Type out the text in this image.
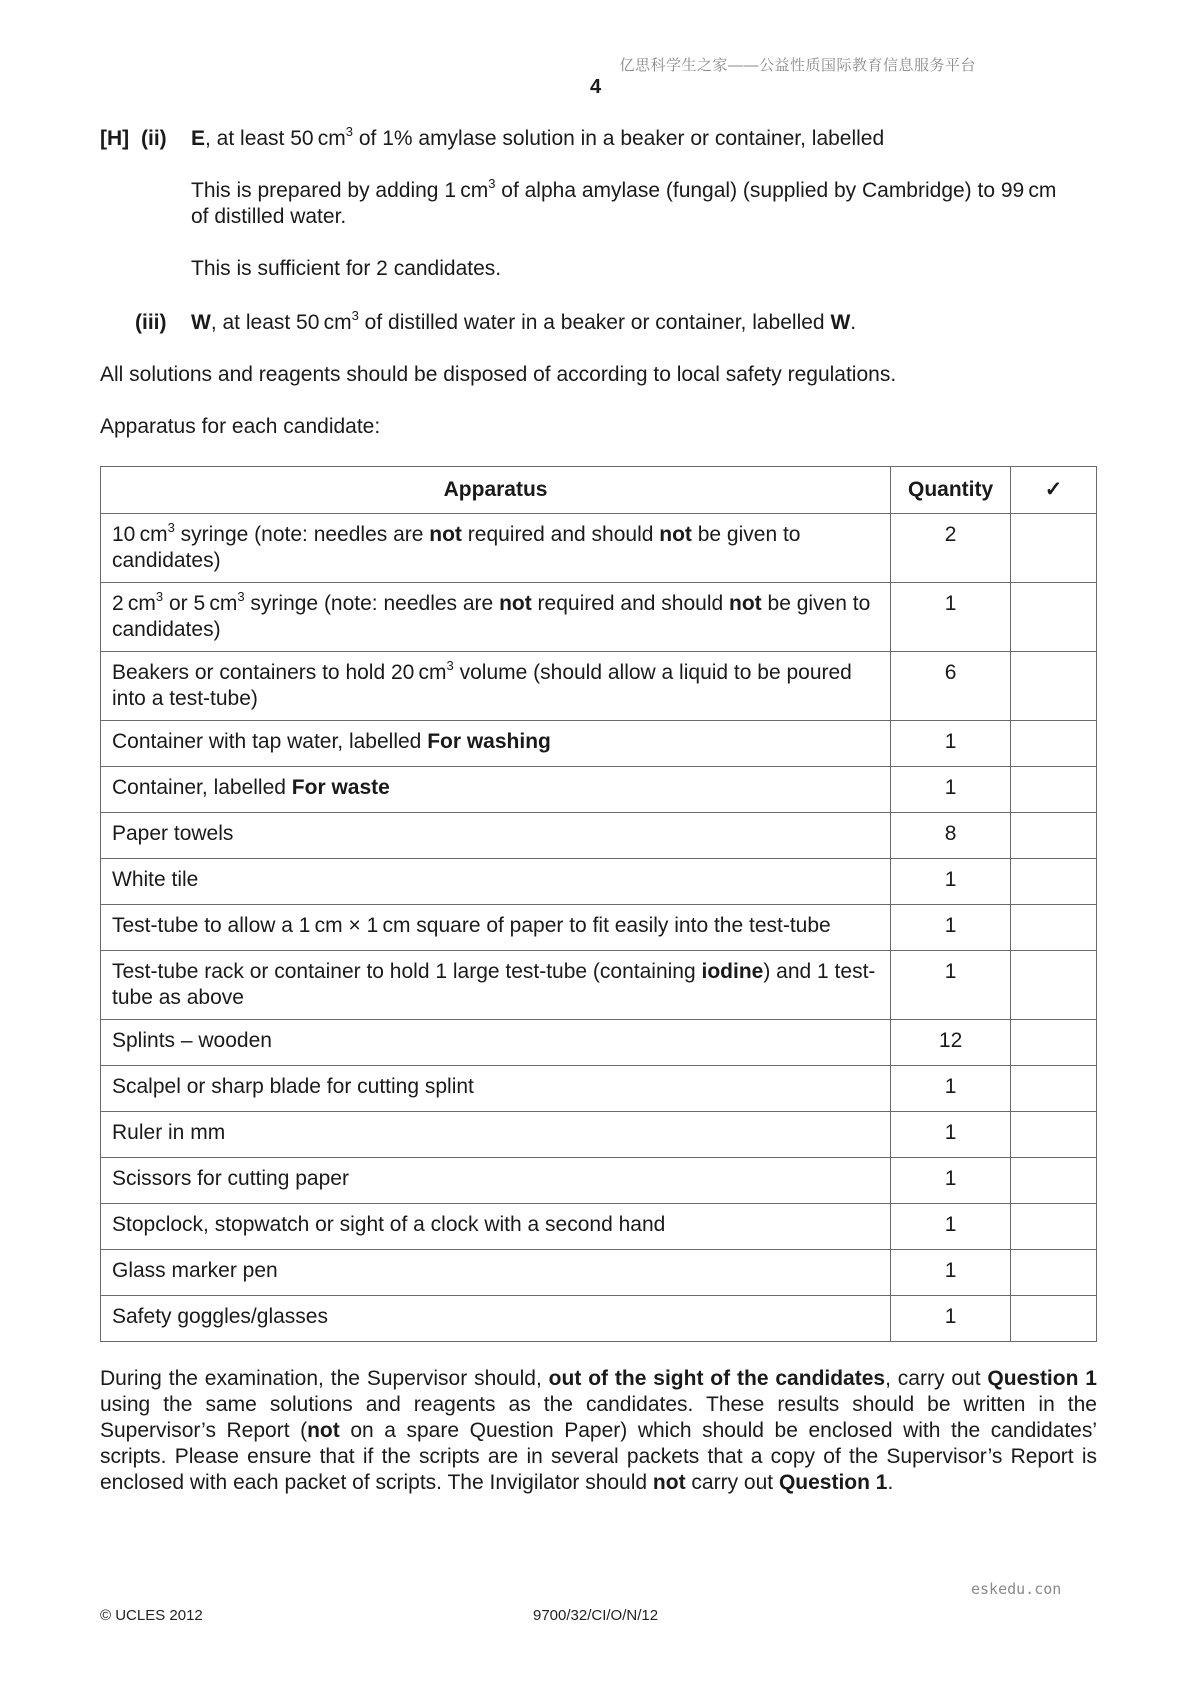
亿思科学生之家——公益性质国际教育信息服务平台
4
[H] (ii) E, at least 50 $cm^3$ of 1% amylase solution in a beaker or container, labelled
This is prepared by adding 1 $cm^3$ of alpha amylase (fungal) (supplied by Cambridge) to 99 cm
of distilled water.
This is sufficient for 2 candidates.
(iii) W, at least 50 $cm^3$ of distilled water in a beaker or container, labelled W.
All solutions and reagents should be disposed of according to local safety regulations.
Apparatus for each candidate:
Apparatus	Quantity	✓
10 $cm^3$ syringe (note: needles are not required and should not be given to candidates)	2	
2 $cm^3$ or 5 $cm^3$ syringe (note: needles are not required and should not be given to candidates)	1	
Beakers or containers to hold 20 $cm^3$ volume (should allow a liquid to be poured into a test-tube)	6	
Container with tap water, labelled For washing	1	
Container, labelled For waste	1	
Paper towels	8	
White tile	1	
Test-tube to allow a 1 cm × 1 cm square of paper to fit easily into the test-tube	1	
Test-tube rack or container to hold 1 large test-tube (containing iodine) and 1 test-tube as above	1	
Splints – wooden	12	
Scalpel or sharp blade for cutting splint	1	
Ruler in mm	1	
Scissors for cutting paper	1	
Stopclock, stopwatch or sight of a clock with a second hand	1	
Glass marker pen	1	
Safety goggles/glasses	1	
During the examination, the Supervisor should, out of the sight of the candidates, carry out Question 1 using the same solutions and reagents as the candidates. These results should be written in the Supervisor’s Report (not on a spare Question Paper) which should be enclosed with the candidates’ scripts. Please ensure that if the scripts are in several packets that a copy of the Supervisor’s Report is enclosed with each packet of scripts. The Invigilator should not carry out Question 1.
eskedu.con
© UCLES 2012	9700/32/CI/O/N/12
